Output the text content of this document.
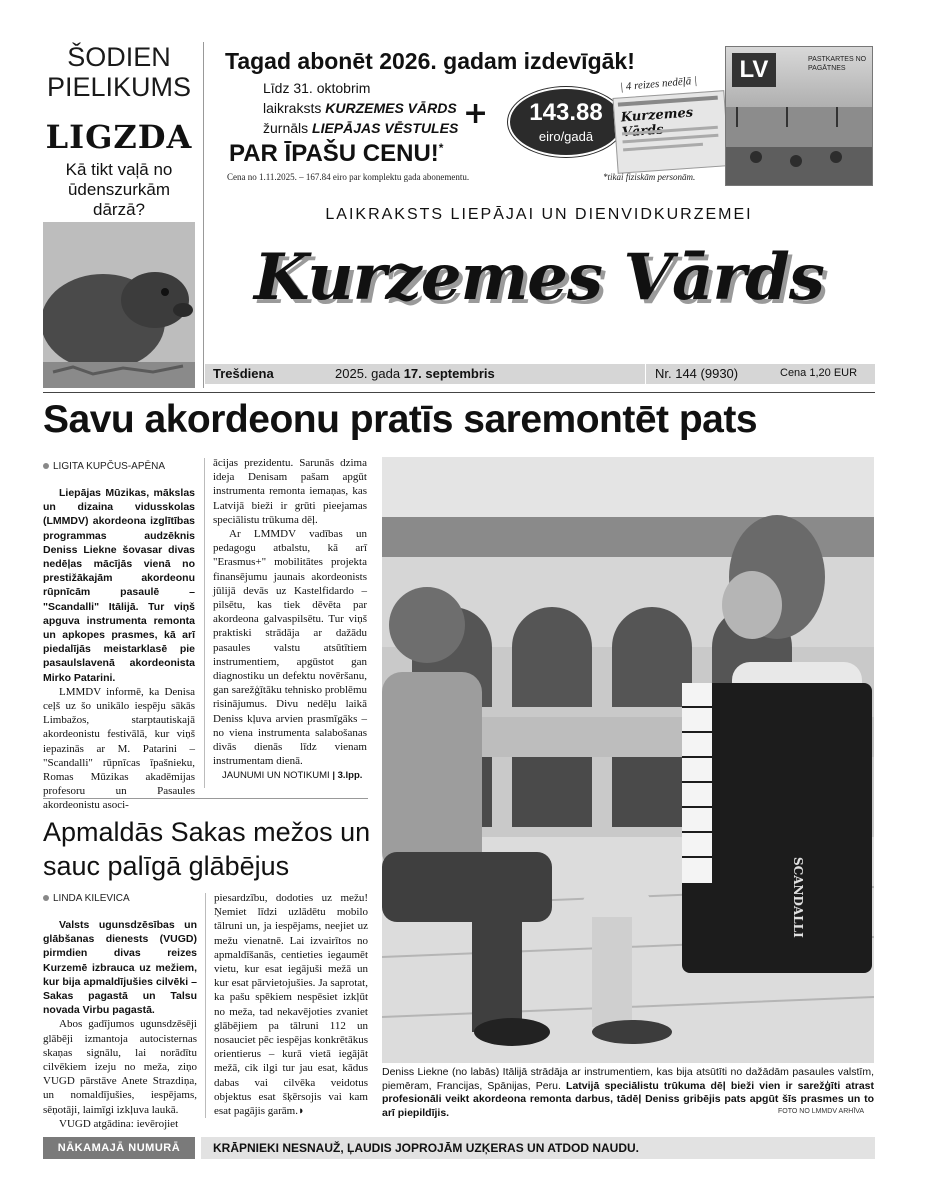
ŠODIEN
PIELIKUMS
LIGZDA
Kā tikt vaļā no ūdenszurkām dārzā?
Tagad abonēt 2026. gadam izdevīgāk!
Līdz 31. oktobrim
laikraksts KURZEMES VĀRDS
žurnāls LIEPĀJAS VĒSTULES +	143.88
eiro/gadā
PAR ĪPAŠU CENU!*
Cena no 1.11.2025. – 167.84 eiro par komplektu gada abonementu.
| 4 reizes nedēļā |
Kurzemes
*tikai fiziskām personām.
LV	PASTKARTES NO PAGĀTNES
LAIKRAKSTS LIEPĀJAI UN DIENVIDKURZEMEI
Kurzemes Vārds
Trešdiena	2025. gada 17. septembris	Nr. 144 (9930)	Cena 1,20 EUR
Savu akordeonu pratīs saremontēt pats
LIGITA KUPČUS-APĒNA
Liepājas Mūzikas, mākslas un dizaina vidusskolas (LMMDV) akordeona izglītības programmas audzēknis Deniss Liekne šovasar divas nedēļas mācījās vienā no prestižākajām akordeonu rūpnīcām pasaulē – "Scandalli" Itālijā. Tur viņš apguva instrumenta remonta un apkopes prasmes, kā arī piedalījās meistarklasē pie pasaulslavenā akordeonista Mirko Patarini.

LMMDV informē, ka Denisa ceļš uz šo unikālo iespēju sākās Limbažos, starptautiskajā akordeonistu festivālā, kur viņš iepazinās ar M. Patarini – "Scandalli" rūpnīcas īpašnieku, Romas Mūzikas akadēmijas profesoru un Pasaules akordeonistu asoci-

ācijas prezidentu. Sarunās dzima ideja Denisam pašam apgūt instrumenta remonta iemaņas, kas Latvijā bieži ir grūti pieejamas speciālistu trūkuma dēļ.

Ar LMMDV vadības un pedagogu atbalstu, kā arī "Erasmus+" mobilitātes projekta finansējumu jaunais akordeonists jūlijā devās uz Kastelfidardo – pilsētu, kas tiek dēvēta par akordeona galvaspilsētu. Tur viņš praktiski strādāja ar dažādu pasaules valstu atsūtītiem instrumentiem, apgūstot gan diagnostiku un defektu novēršanu, gan sarežģītāku tehnisko problēmu risinājumus. Divu nedēļu laikā Deniss kļuva arvien prasmīgāks – no viena instrumenta salabošanas divās dienās līdz vienam instrumentam dienā.

JAUNUMI UN NOTIKUMI | 3.lpp.
SCANDALLI
Deniss Liekne (no labās) Itālijā strādāja ar instrumentiem, kas bija atsūtīti no dažādām pasaules valstīm, piemēram, Francijas, Spānijas, Peru. Latvijā speciālistu trūkuma dēļ bieži vien ir sarežģīti atrast profesionāli veikt akordeona remonta darbus, tādēļ Deniss gribējis pats apgūt šīs prasmes un to arī piepildījis.	FOTO NO LMMDV ARHĪVA
Apmaldās Sakas mežos un sauc palīgā glābējus
LINDA KILEVICA
Valsts ugunsdzēsības un glābšanas dienests (VUGD) pirmdien divas reizes Kurzemē izbrauca uz mežiem, kur bija apmaldījušies cilvēki – Sakas pagastā un Talsu novada Virbu pagastā.

Abos gadījumos ugunsdzēsēji glābēji izmantoja autocisternas skaņas signālu, lai norādītu cilvēkiem izeju no meža, ziņo VUGD pārstāve Anete Strazdiņa, un nomaldījušies, iespējams, sēņotāji, laimīgi izkļuva laukā.

VUGD atgādina: ievērojiet

piesardzību, dodoties uz mežu! Ņemiet līdzi uzlādētu mobilo tālruni un, ja iespējams, neejiet uz mežu vienatnē. Lai izvairītos no apmaldīšanās, centieties iegaumēt vietu, kur esat iegājuši mežā un kur esat pārvietojušies. Ja saprotat, ka pašu spēkiem nespēsiet izkļūt no meža, tad nekavējoties zvaniet glābējiem pa tālruni 112 un nosauciet pēc iespējas konkrētākus orientierus – kurā vietā iegājāt mežā, cik ilgi tur jau esat, kādus dabas vai cilvēka veidotus objektus esat šķērsojis vai kam esat pagājis garām.◗

NĀKAMAJĀ NUMURĀ	KRĀPNIEKI NESNAUŽ, ĻAUDIS JOPROJĀM UZĶERAS UN ATDOD NAUDU.
